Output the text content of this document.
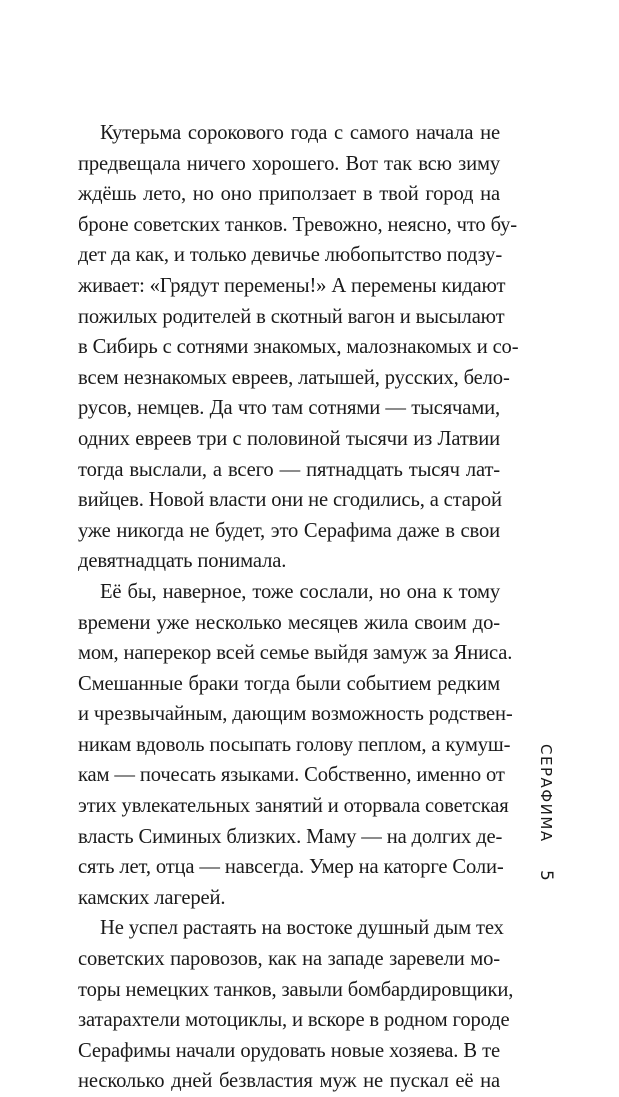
Кутерьма сорокового года с самого начала не
предвещала ничего хорошего. Вот так всю зиму
ждёшь лето, но оно приползает в твой город на
броне советских танков. Тревожно, неясно, что бу-
дет да как, и только девичье любопытство подзу-
живает: «Грядут перемены!» А перемены кидают
пожилых родителей в скотный вагон и высылают
в Сибирь с сотнями знакомых, малознакомых и со-
всем незнакомых евреев, латышей, русских, бело-
русов, немцев. Да что там сотнями — тысячами,
одних евреев три с половиной тысячи из Латвии
тогда выслали, а всего — пятнадцать тысяч лат-
вийцев. Новой власти они не сгодились, а старой
уже никогда не будет, это Серафима даже в свои
девятнадцать понимала.
Её бы, наверное, тоже сослали, но она к тому
времени уже несколько месяцев жила своим до-
мом, наперекор всей семье выйдя замуж за Яниса.
Смешанные браки тогда были событием редким
и чрезвычайным, дающим возможность родствен-
никам вдоволь посыпать голову пеплом, а кумуш-
кам — почесать языками. Собственно, именно от
этих увлекательных занятий и оторвала советская
власть Симиных близких. Маму — на долгих де-
сять лет, отца — навсегда. Умер на каторге Соли-
камских лагерей.
Не успел растаять на востоке душный дым тех
советских паровозов, как на западе заревели мо-
торы немецких танков, завыли бомбардировщики,
затарахтели мотоциклы, и вскоре в родном городе
Серафимы начали орудовать новые хозяева. В те
несколько дней безвластия муж не пускал её на
СЕРАФИМА
5
